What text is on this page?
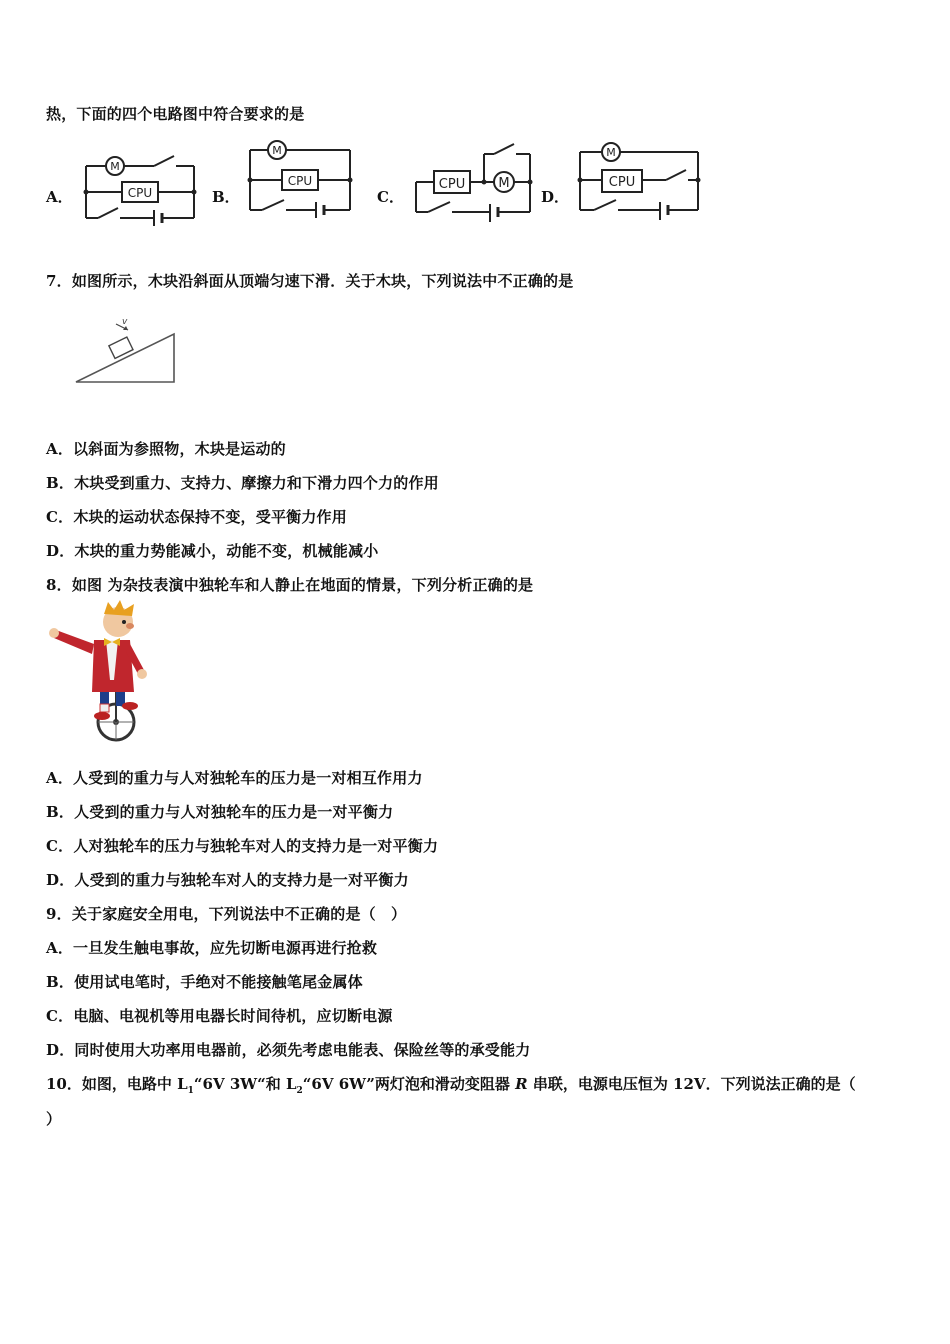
热，下面的四个电路图中符合要求的是
A．	B．	C．	D．
M
CPU
M
CPU	M
CPU
M
CPU
7．如图所示，木块沿斜面从顶端匀速下滑．关于木块，下列说法中不正确的是
v
A．以斜面为参照物，木块是运动的
B．木块受到重力、支持力、摩擦力和下滑力四个力的作用
C．木块的运动状态保持不变，受平衡力作用
D．木块的重力势能减小，动能不变，机械能减小
8．如图 为杂技表演中独轮车和人静止在地面的情景，下列分析正确的是
A．人受到的重力与人对独轮车的压力是一对相互作用力
B．人受到的重力与人对独轮车的压力是一对平衡力
C．人对独轮车的压力与独轮车对人的支持力是一对平衡力
D．人受到的重力与独轮车对人的支持力是一对平衡力
9．关于家庭安全用电，下列说法中不正确的是（　）
A．一旦发生触电事故，应先切断电源再进行抢救
B．使用试电笔时，手绝对不能接触笔尾金属体
C．电脑、电视机等用电器长时间待机，应切断电源
D．同时使用大功率用电器前，必须先考虑电能表、保险丝等的承受能力
10．如图，电路中 $L_1“6V$ 3W“和 $L_2“6V$ 6W”两灯泡和滑动变阻器 R 串联，电源电压恒为 12V．下列说法正确的是（
）
